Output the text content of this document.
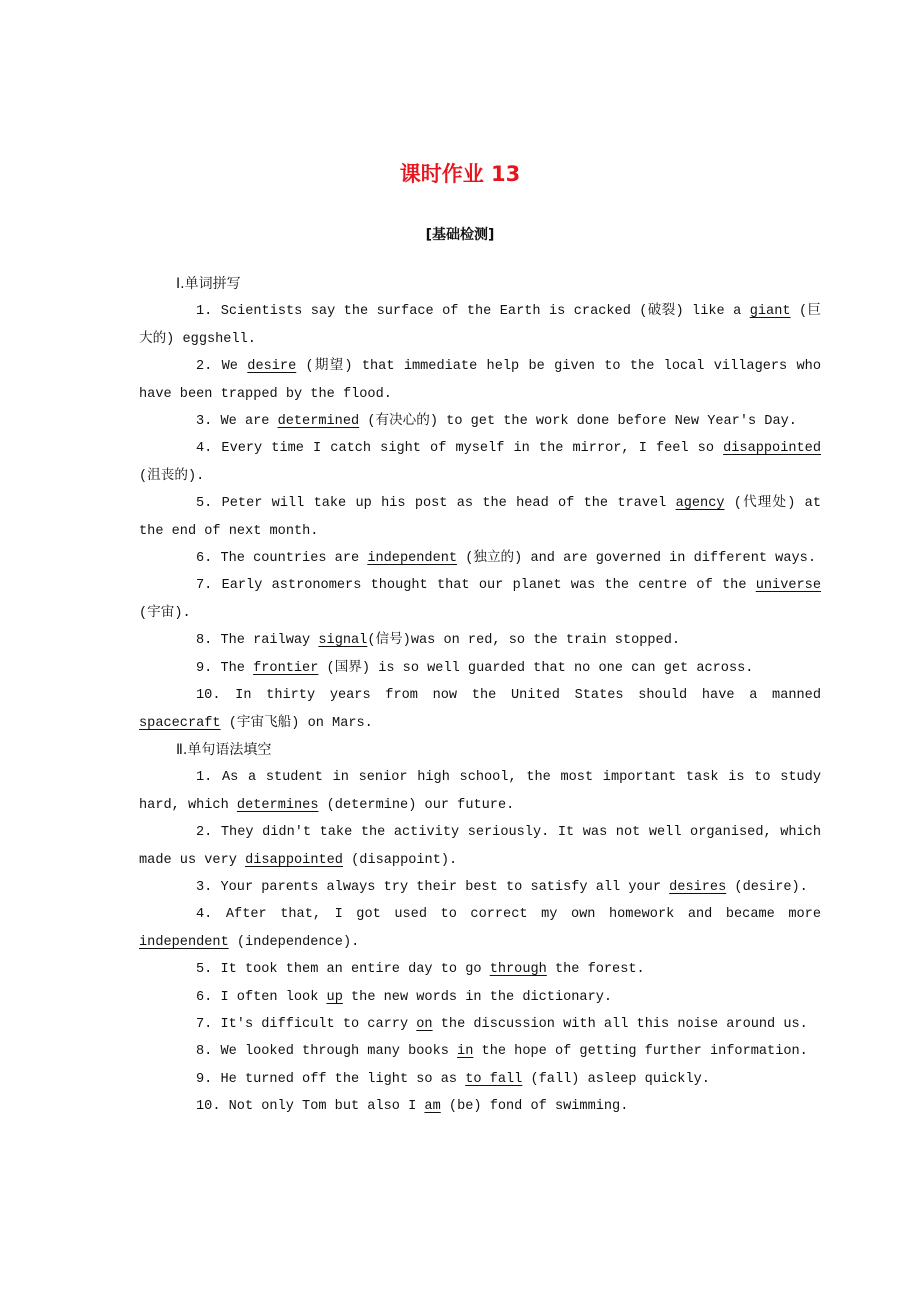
课时作业 13
[基础检测]
Ⅰ.单词拼写
1. Scientists say the surface of the Earth is cracked (破裂) like a giant (巨大的) eggshell.
2. We desire (期望) that immediate help be given to the local villagers who have been trapped by the flood.
3. We are determined (有决心的) to get the work done before New Year's Day.
4. Every time I catch sight of myself in the mirror, I feel so disappointed (沮丧的).
5. Peter will take up his post as the head of the travel agency (代理处) at the end of next month.
6. The countries are independent (独立的) and are governed in different ways.
7. Early astronomers thought that our planet was the centre of the universe (宇宙).
8. The railway signal(信号)was on red, so the train stopped.
9. The frontier (国界) is so well guarded that no one can get across.
10. In thirty years from now the United States should have a manned spacecraft (宇宙飞船) on Mars.
Ⅱ.单句语法填空
1. As a student in senior high school, the most important task is to study hard, which determines (determine) our future.
2. They didn't take the activity seriously. It was not well organised, which made us very disappointed (disappoint).
3. Your parents always try their best to satisfy all your desires (desire).
4. After that, I got used to correct my own homework and became more independent (independence).
5. It took them an entire day to go through the forest.
6. I often look up the new words in the dictionary.
7. It's difficult to carry on the discussion with all this noise around us.
8. We looked through many books in the hope of getting further information.
9. He turned off the light so as to fall (fall) asleep quickly.
10. Not only Tom but also I am (be) fond of swimming.
